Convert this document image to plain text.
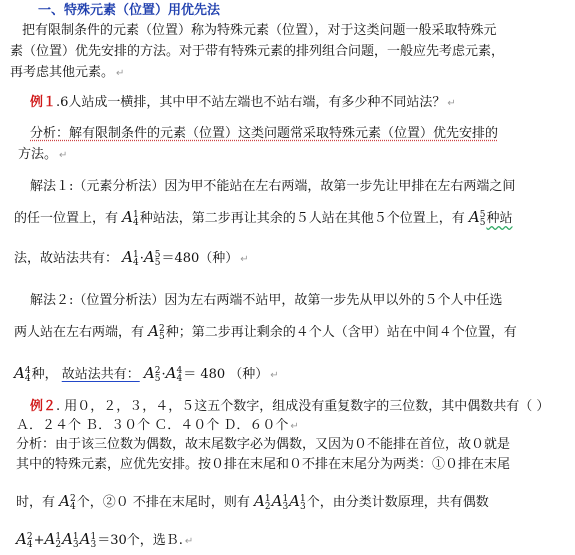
一、特殊元素（位置）用优先法
把有限制条件的元素（位置）称为特殊元素（位置），对于这类问题一般采取特殊元
素（位置）优先安排的方法。对于带有特殊元素的排列组合问题，一般应先考虑元素，
再考虑其他元素。 ↵
例１.6人站成一横排，其中甲不站左端也不站右端，有多少种不同站法？ ↵
分析：解有限制条件的元素（位置）这类问题常采取特殊元素（位置）优先安排的
方法。 ↵
解法１:（元素分析法）因为甲不能站在左右两端，故第一步先让甲排在左右两端之间
的任一位置上，有 A 1
4 种站法，第二步再让其余的５人站在其他５个位置上，有 A 5
5 种站
法，故站法共有： A 1
4 ·A 5
5 ＝480（种） ↵
解法２:（位置分析法）因为左右两端不站甲，故第一步先从甲以外的５个人中任选
两人站在左右两端，有 A 2
5 种；第二步再让剩余的４个人（含甲）站在中间４个位置，有
A 4
4 种， 故站法共有： A 2
5 ·A 4
4 ＝ 480 （种） ↵
例２. 用０，２，３，４，５这五个数字，组成没有重复数字的三位数，其中偶数共有（ ）
Ａ．２４个 Ｂ．３０个 Ｃ．４０个 Ｄ．６０个 ↵
分析：由于该三位数为偶数，故末尾数字必为偶数，又因为０不能排在首位，故０就是
其中的特殊元素，应优先安排。按０排在末尾和０不排在末尾分为两类：①０排在末尾
时，有 A 2
4 个，②０ 不排在末尾时，则有 A 1
2 A 1
3 A 1
3 个，由分类计数原理，共有偶数
A 2
4 +A 1
2 A 1
3 A 1
3 ＝30个，选Ｂ. ↵
